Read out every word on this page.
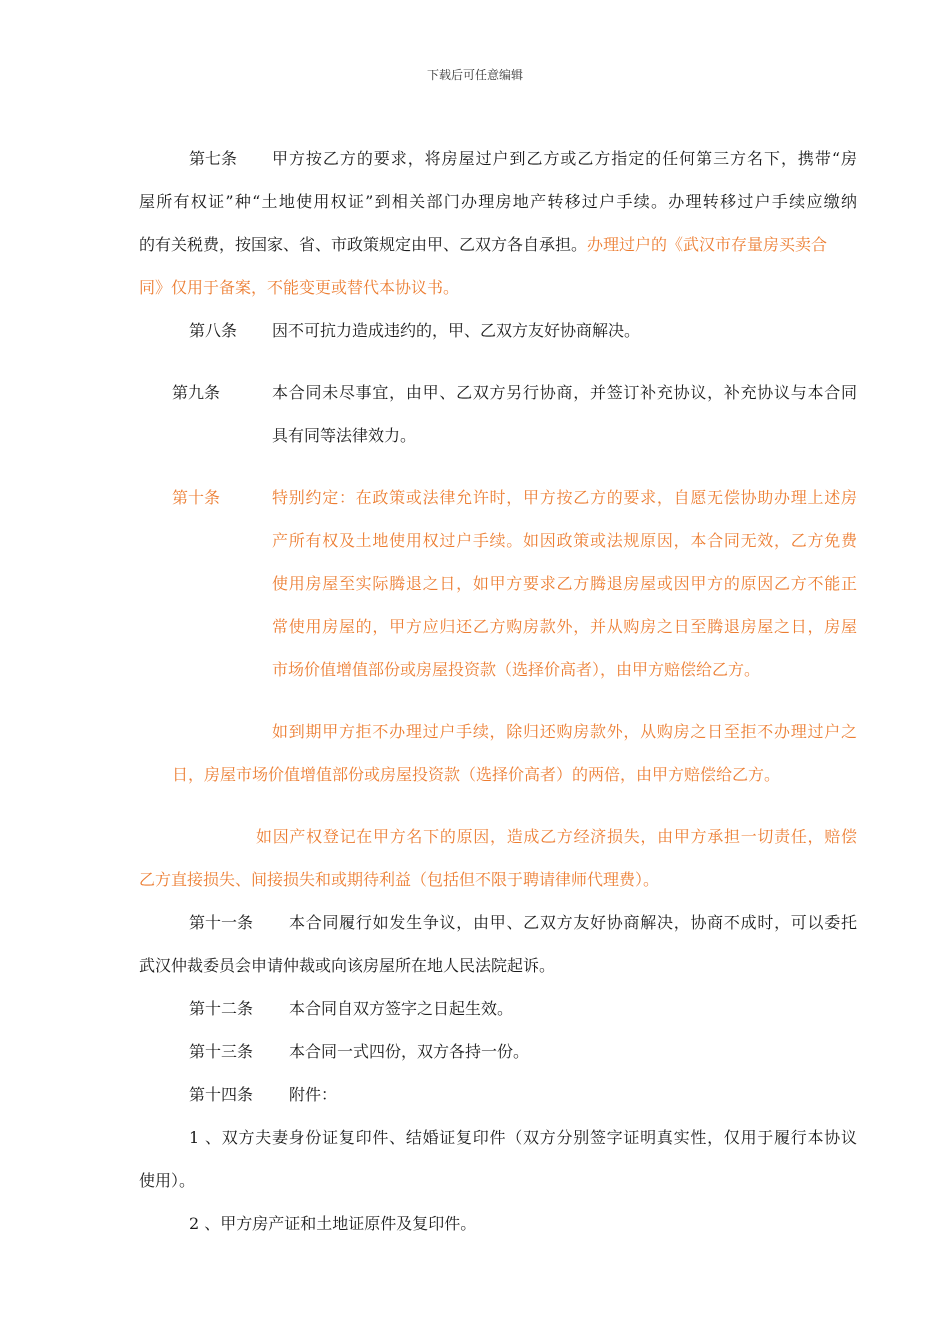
下载后可任意编辑
第七条 甲方按乙方的要求，将房屋过户到乙方或乙方指定的任何第三方名下，携带“房
屋所有权证”种“土地使用权证”到相关部门办理房地产转移过户手续。办理转移过户手续应缴纳
的有关税费，按国家、省、市政策规定由甲、乙双方各自承担。办理过户的《武汉市存量房买卖合
同》仅用于备案，不能变更或替代本协议书。
第八条 因不可抗力造成违约的，甲、乙双方友好协商解决。
第九条	本合同未尽事宜，由甲、乙双方另行协商，并签订补充协议，补充协议与本合同
具有同等法律效力。
第十条	特别约定：在政策或法律允许时，甲方按乙方的要求，自愿无偿协助办理上述房
产所有权及土地使用权过户手续。如因政策或法规原因，本合同无效，乙方免费
使用房屋至实际腾退之日，如甲方要求乙方腾退房屋或因甲方的原因乙方不能正
常使用房屋的，甲方应归还乙方购房款外，并从购房之日至腾退房屋之日，房屋
市场价值增值部份或房屋投资款（选择价高者），由甲方赔偿给乙方。
如到期甲方拒不办理过户手续，除归还购房款外，从购房之日至拒不办理过户之
日，房屋市场价值增值部份或房屋投资款（选择价高者）的两倍，由甲方赔偿给乙方。
如因产权登记在甲方名下的原因，造成乙方经济损失，由甲方承担一切责任，赔偿
乙方直接损失、间接损失和或期待利益（包括但不限于聘请律师代理费）。
第十一条 本合同履行如发生争议，由甲、乙双方友好协商解决，协商不成时，可以委托
武汉仲裁委员会申请仲裁或向该房屋所在地人民法院起诉。
第十二条 本合同自双方签字之日起生效。
第十三条 本合同一式四份，双方各持一份。
第十四条 附件：
1 、双方夫妻身份证复印件、结婚证复印件（双方分别签字证明真实性，仅用于履行本协议
使用）。
2 、甲方房产证和土地证原件及复印件。
